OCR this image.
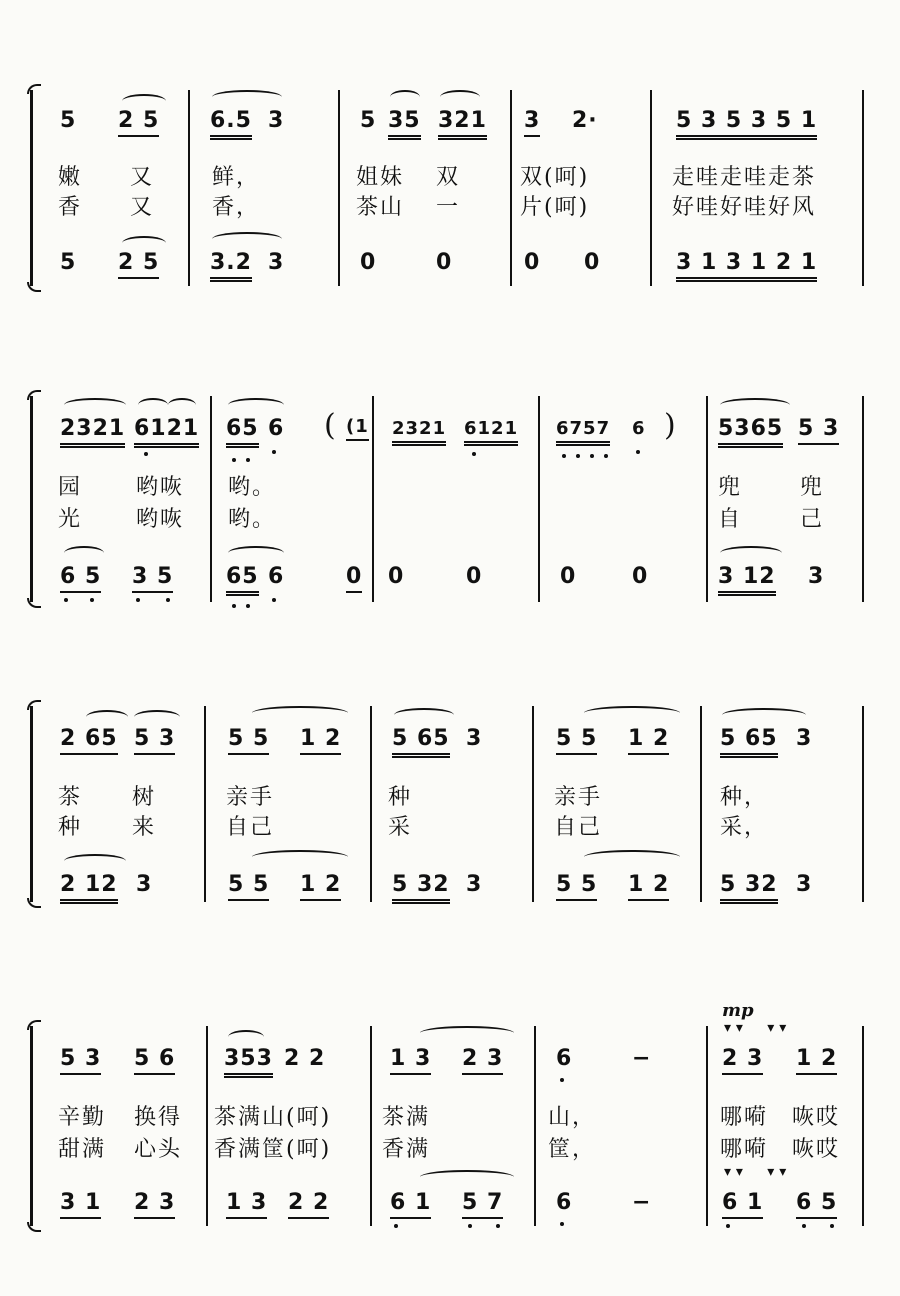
5 2 5 6.5 3	5 35 321 3 2·	5 3 5 3 5 1
嫩 又	鲜，	姐妹 双	双(呵)	走哇走哇走茶
香 又	香，	茶山 一	片(呵)	好哇好哇好风
5 2 5 3.2 3	0	0	0 0	3 1 3 1 2 1
2321 6121 65 6 ( (1 2321 6121 6757 6 ) 5365 5 3
园 哟咴 哟。	兜	兜
光 哟咴 哟。	自	己
6 5 3 5 65 6	0 0	0	0	0	3 12 3
2 65 5 3 5 5 1 2 5 65 3	5 5 1 2 5 65 3
茶 树	亲手	种	亲手	种，
种 来	自己	采	自己	采，
2 12 3	5 5 1 2 5 32 3	5 5 1 2 5 32 3
mp
▾ ▾     ▾ ▾
5 3 5 6 353 2 2	1 3 2 3 6	−	2 3 1 2
辛勤 换得 茶满山(呵) 茶满	山，	哪嗬 咴哎
甜满 心头 香满筐(呵) 香满	筐，	哪嗬 咴哎
▾ ▾     ▾ ▾
3 1 2 3 1 3 2 2	6 1 5 7 6	−	6 1 6 5
